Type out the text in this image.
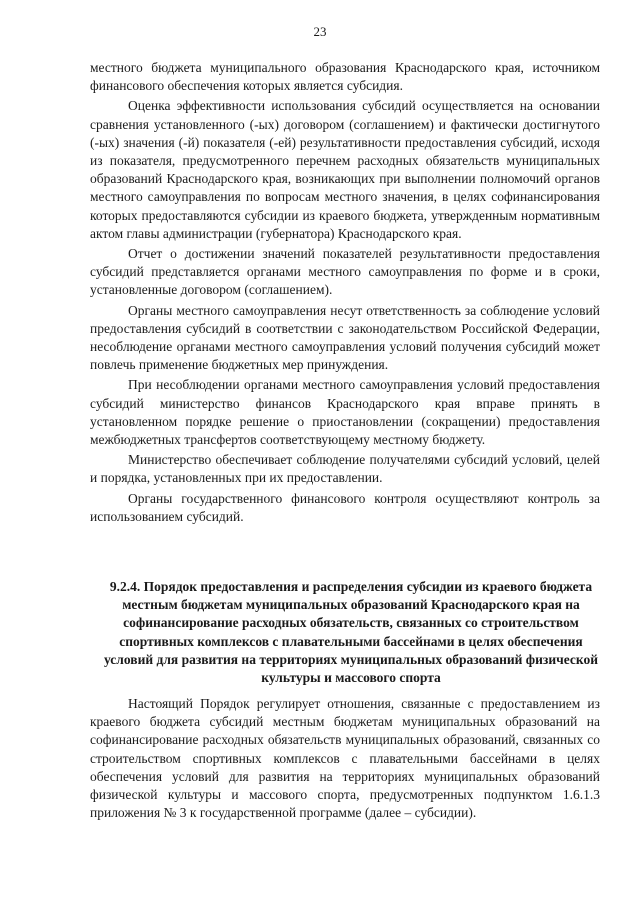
23

местного бюджета муниципального образования Краснодарского края, источником финансового обеспечения которых является субсидия.

Оценка эффективности использования субсидий осуществляется на основании сравнения установленного (-ых) договором (соглашением) и фактически достигнутого (-ых) значения (-й) показателя (-ей) результативности предоставления субсидий, исходя из показателя, предусмотренного перечнем расходных обязательств муниципальных образований Краснодарского края, возникающих при выполнении полномочий органов местного самоуправления по вопросам местного значения, в целях софинансирования которых предоставляются субсидии из краевого бюджета, утвержденным нормативным актом главы администрации (губернатора) Краснодарского края.

Отчет о достижении значений показателей результативности предоставления субсидий представляется органами местного самоуправления по форме и в сроки, установленные договором (соглашением).

Органы местного самоуправления несут ответственность за соблюдение условий предоставления субсидий в соответствии с законодательством Российской Федерации, несоблюдение органами местного самоуправления условий получения субсидий может повлечь применение бюджетных мер принуждения.

При несоблюдении органами местного самоуправления условий предоставления субсидий министерство финансов Краснодарского края вправе принять в установленном порядке решение о приостановлении (сокращении) предоставления межбюджетных трансфертов соответствующему местному бюджету.

Министерство обеспечивает соблюдение получателями субсидий условий, целей и порядка, установленных при их предоставлении.

Органы государственного финансового контроля осуществляют контроль за использованием субсидий.

9.2.4. Порядок предоставления и распределения субсидии из краевого бюджета местным бюджетам муниципальных образований Краснодарского края на софинансирование расходных обязательств, связанных со строительством спортивных комплексов с плавательными бассейнами в целях обеспечения условий для развития на территориях муниципальных образований физической культуры и массового спорта

Настоящий Порядок регулирует отношения, связанные с предоставлением из краевого бюджета субсидий местным бюджетам муниципальных образований на софинансирование расходных обязательств муниципальных образований, связанных со строительством спортивных комплексов с плавательными бассейнами в целях обеспечения условий для развития на территориях муниципальных образований физической культуры и массового спорта, предусмотренных подпунктом 1.6.1.3 приложения № 3 к государственной программе (далее – субсидии).
